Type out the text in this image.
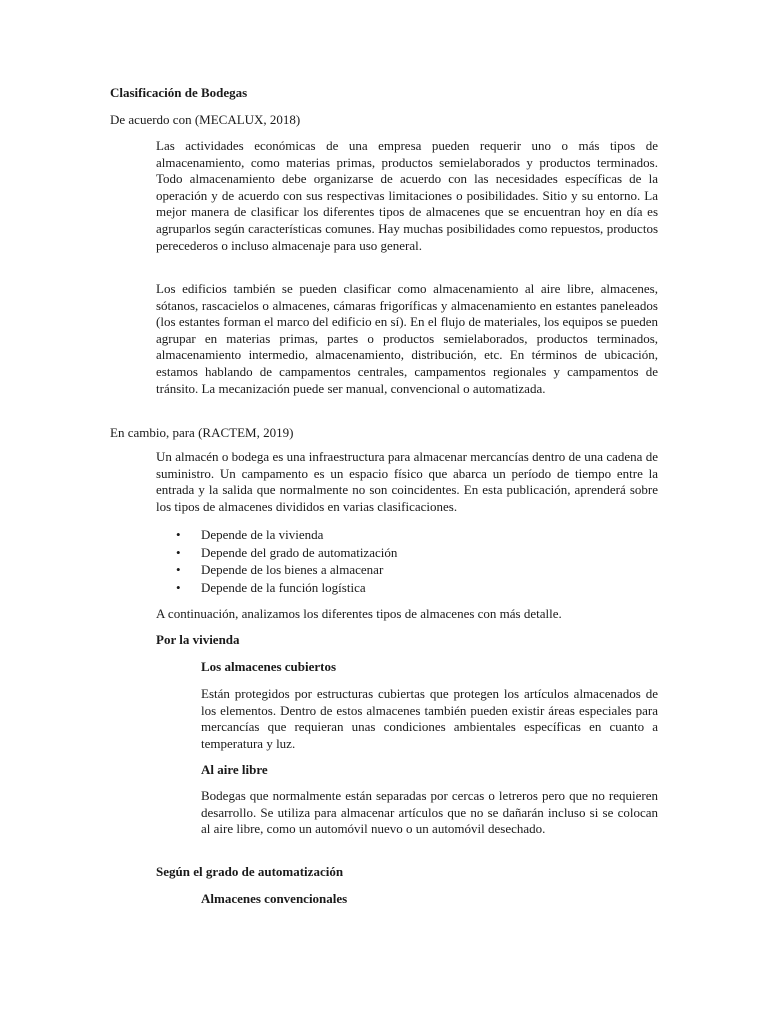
Clasificación de Bodegas
De acuerdo con (MECALUX, 2018)

Las actividades económicas de una empresa pueden requerir uno o más tipos de almacenamiento, como materias primas, productos semielaborados y productos terminados. Todo almacenamiento debe organizarse de acuerdo con las necesidades específicas de la operación y de acuerdo con sus respectivas limitaciones o posibilidades. Sitio y su entorno. La mejor manera de clasificar los diferentes tipos de almacenes que se encuentran hoy en día es agruparlos según características comunes. Hay muchas posibilidades como repuestos, productos perecederos o incluso almacenaje para uso general.

Los edificios también se pueden clasificar como almacenamiento al aire libre, almacenes, sótanos, rascacielos o almacenes, cámaras frigoríficas y almacenamiento en estantes paneleados (los estantes forman el marco del edificio en sí). En el flujo de materiales, los equipos se pueden agrupar en materias primas, partes o productos semielaborados, productos terminados, almacenamiento intermedio, almacenamiento, distribución, etc. En términos de ubicación, estamos hablando de campamentos centrales, campamentos regionales y campamentos de tránsito. La mecanización puede ser manual, convencional o automatizada.

En cambio, para (RACTEM, 2019)

Un almacén o bodega es una infraestructura para almacenar mercancías dentro de una cadena de suministro. Un campamento es un espacio físico que abarca un período de tiempo entre la entrada y la salida que normalmente no son coincidentes. En esta publicación, aprenderá sobre los tipos de almacenes divididos en varias clasificaciones.

• Depende de la vivienda
• Depende del grado de automatización
• Depende de los bienes a almacenar
• Depende de la función logística

A continuación, analizamos los diferentes tipos de almacenes con más detalle.

Por la vivienda
Los almacenes cubiertos

Están protegidos por estructuras cubiertas que protegen los artículos almacenados de los elementos. Dentro de estos almacenes también pueden existir áreas especiales para mercancías que requieran unas condiciones ambientales específicas en cuanto a temperatura y luz.

Al aire libre

Bodegas que normalmente están separadas por cercas o letreros pero que no requieren desarrollo. Se utiliza para almacenar artículos que no se dañarán incluso si se colocan al aire libre, como un automóvil nuevo o un automóvil desechado.

Según el grado de automatización
Almacenes convencionales
